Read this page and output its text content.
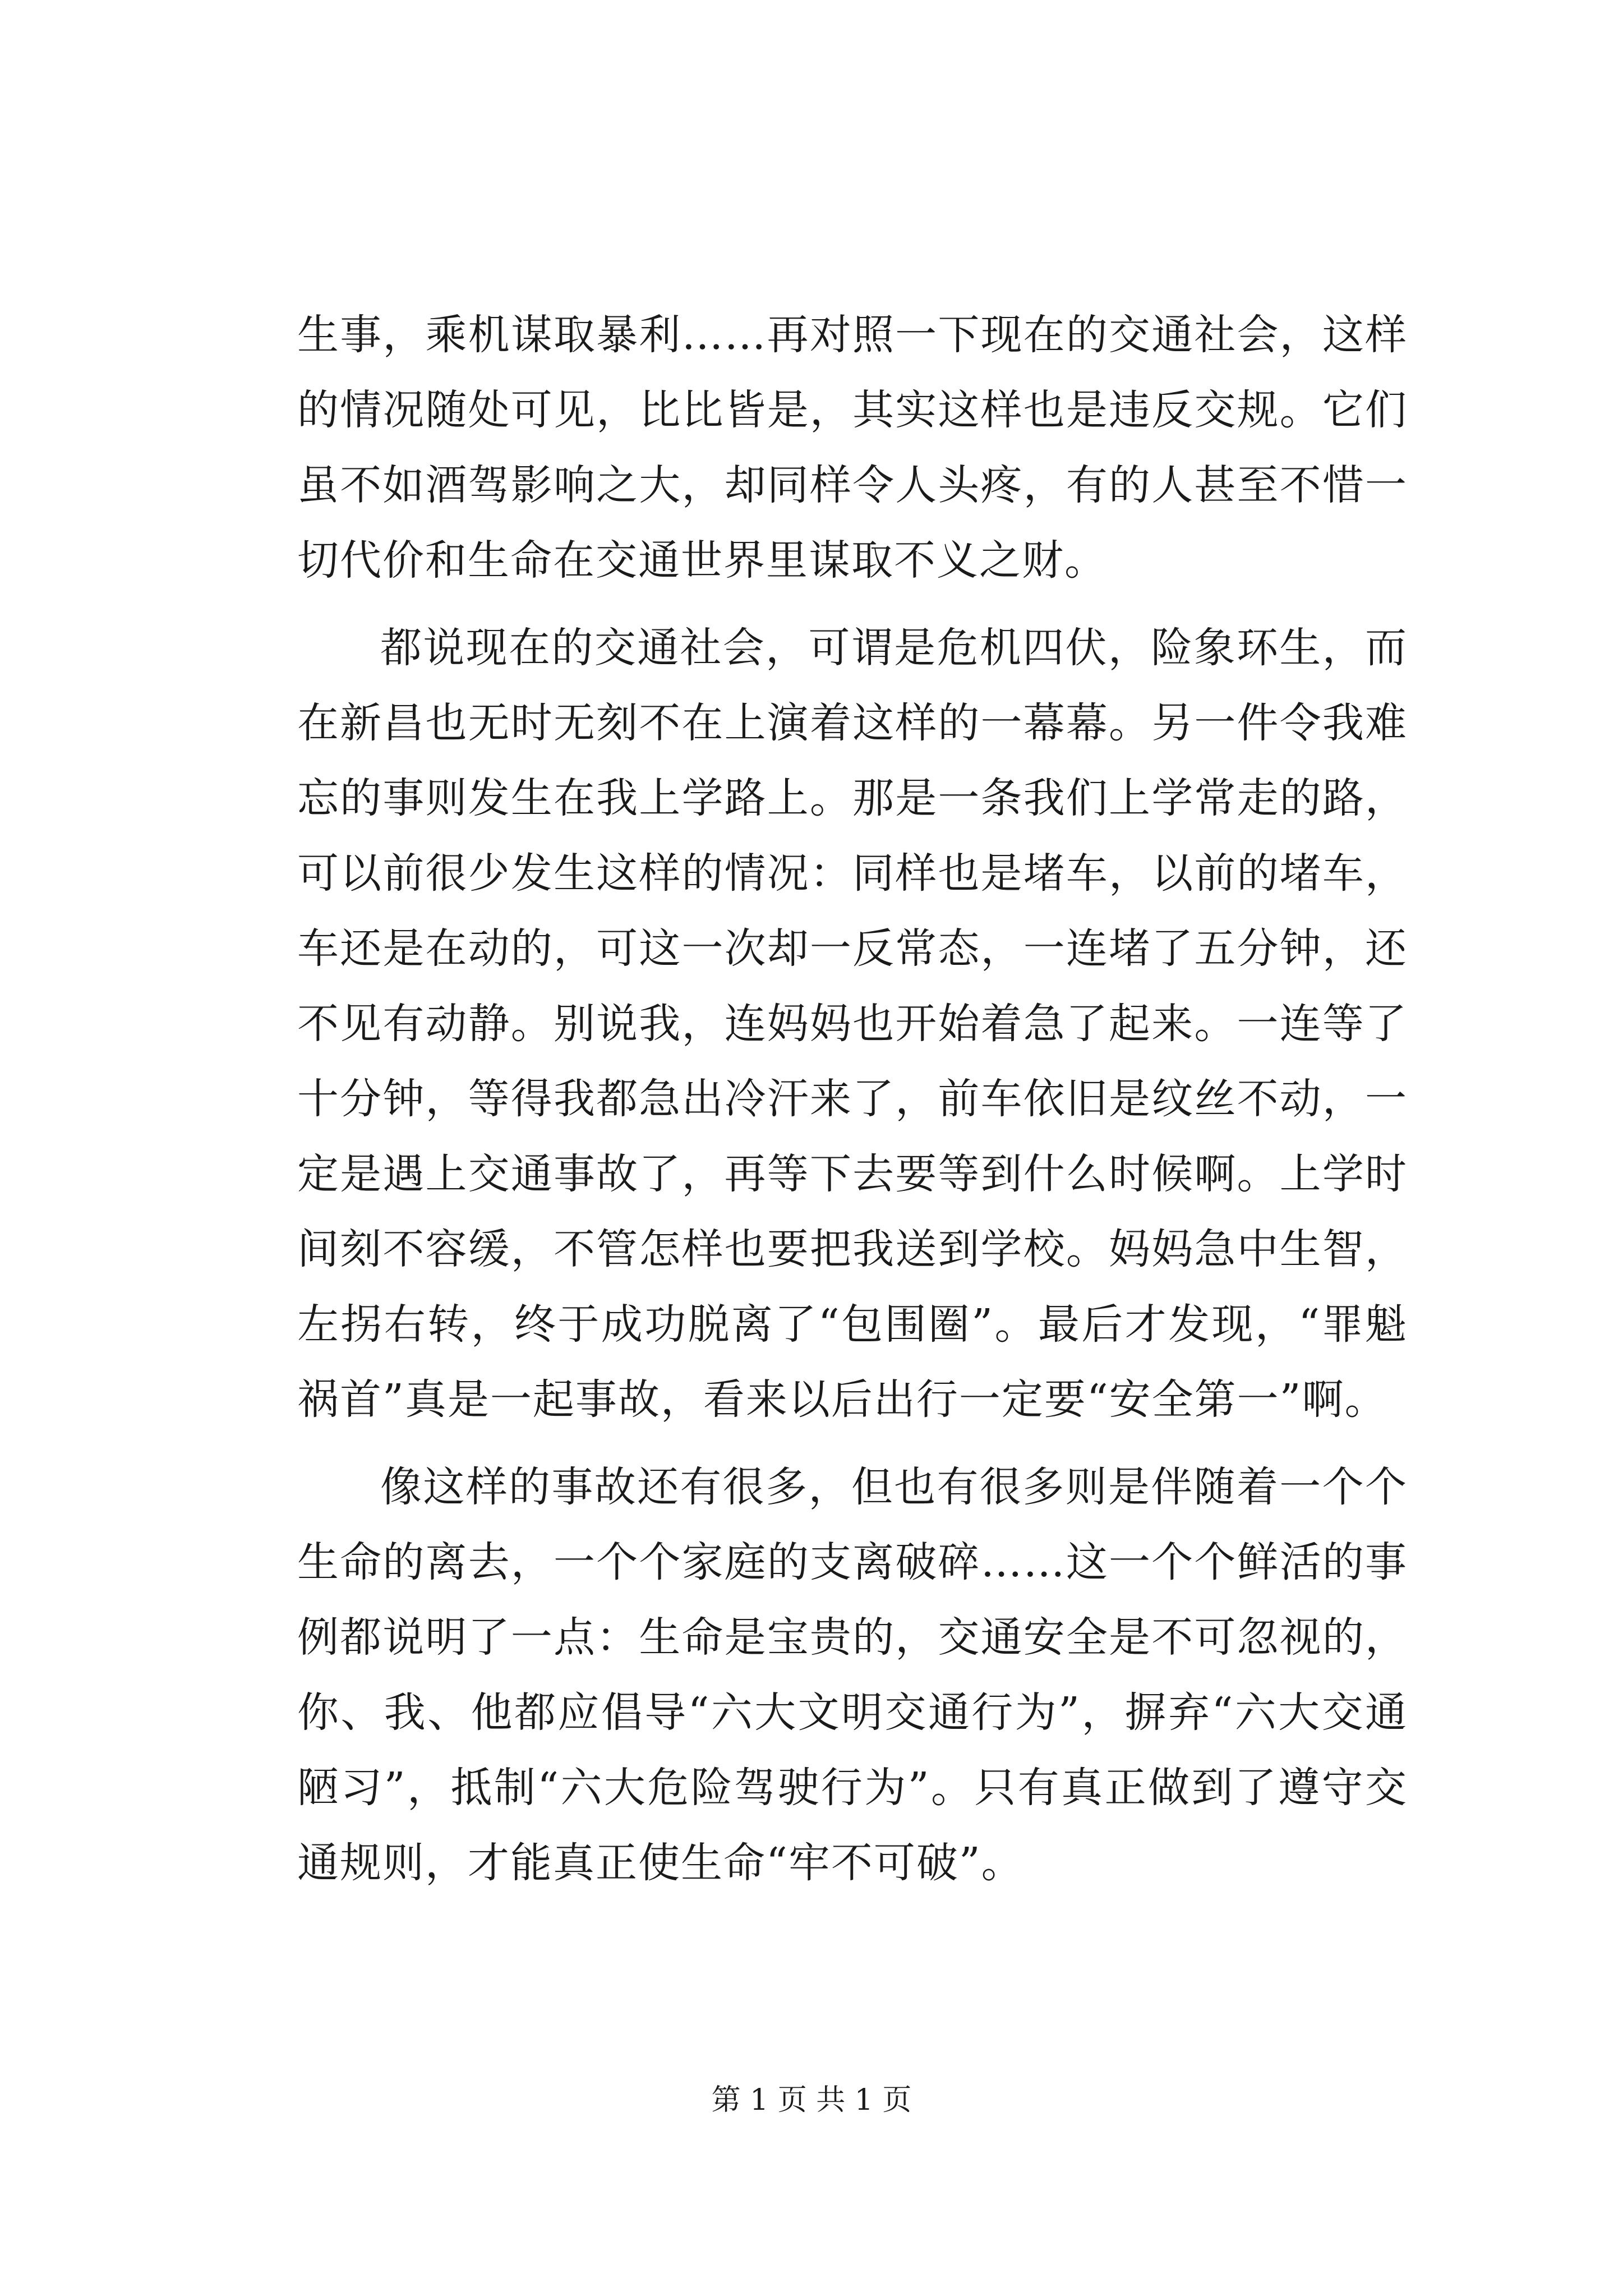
生事，乘机谋取暴利……再对照一下现在的交通社会，这样的情况随处可见，比比皆是，其实这样也是违反交规。它们虽不如酒驾影响之大，却同样令人头疼，有的人甚至不惜一切代价和生命在交通世界里谋取不义之财。

都说现在的交通社会，可谓是危机四伏，险象环生，而在新昌也无时无刻不在上演着这样的一幕幕。另一件令我难忘的事则发生在我上学路上。那是一条我们上学常走的路，可以前很少发生这样的情况：同样也是堵车，以前的堵车，车还是在动的，可这一次却一反常态，一连堵了五分钟，还不见有动静。别说我，连妈妈也开始着急了起来。一连等了十分钟，等得我都急出冷汗来了，前车依旧是纹丝不动，一定是遇上交通事故了，再等下去要等到什么时候啊。上学时间刻不容缓，不管怎样也要把我送到学校。妈妈急中生智，左拐右转，终于成功脱离了“包围圈”。最后才发现，“罪魁祸首”真是一起事故，看来以后出行一定要“安全第一”啊。

像这样的事故还有很多，但也有很多则是伴随着一个个生命的离去，一个个家庭的支离破碎……这一个个鲜活的事例都说明了一点：生命是宝贵的，交通安全是不可忽视的，你、我、他都应倡导“六大文明交通行为”，摒弃“六大交通陋习”，抵制“六大危险驾驶行为”。只有真正做到了遵守交通规则，才能真正使生命“牢不可破”。

第 1 页 共 1 页
